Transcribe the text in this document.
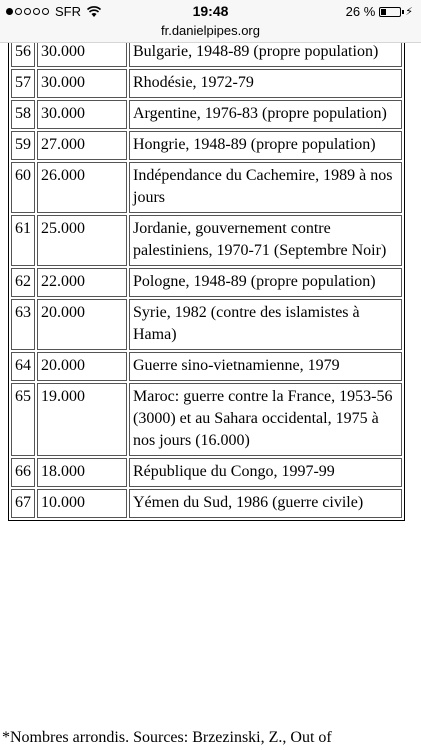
SFR	19:48	26 %	⚡
fr.danielpipes.org
56	30.000	Bulgarie, 1948-89 (propre population)
57	30.000	Rhodésie, 1972-79
58	30.000	Argentine, 1976-83 (propre population)
59	27.000	Hongrie, 1948-89 (propre population)
60	26.000	Indépendance du Cachemire, 1989 à nos jours
61	25.000	Jordanie, gouvernement contre palestiniens, 1970-71 (Septembre Noir)
62	22.000	Pologne, 1948-89 (propre population)
63	20.000	Syrie, 1982 (contre des islamistes à Hama)
64	20.000	Guerre sino-vietnamienne, 1979
65	19.000	Maroc: guerre contre la France, 1953-56 (3000) et au Sahara occidental, 1975 à nos jours (16.000)
66	18.000	République du Congo, 1997-99
67	10.000	Yémen du Sud, 1986 (guerre civile)
*Nombres arrondis. Sources: Brzezinski, Z., Out of
